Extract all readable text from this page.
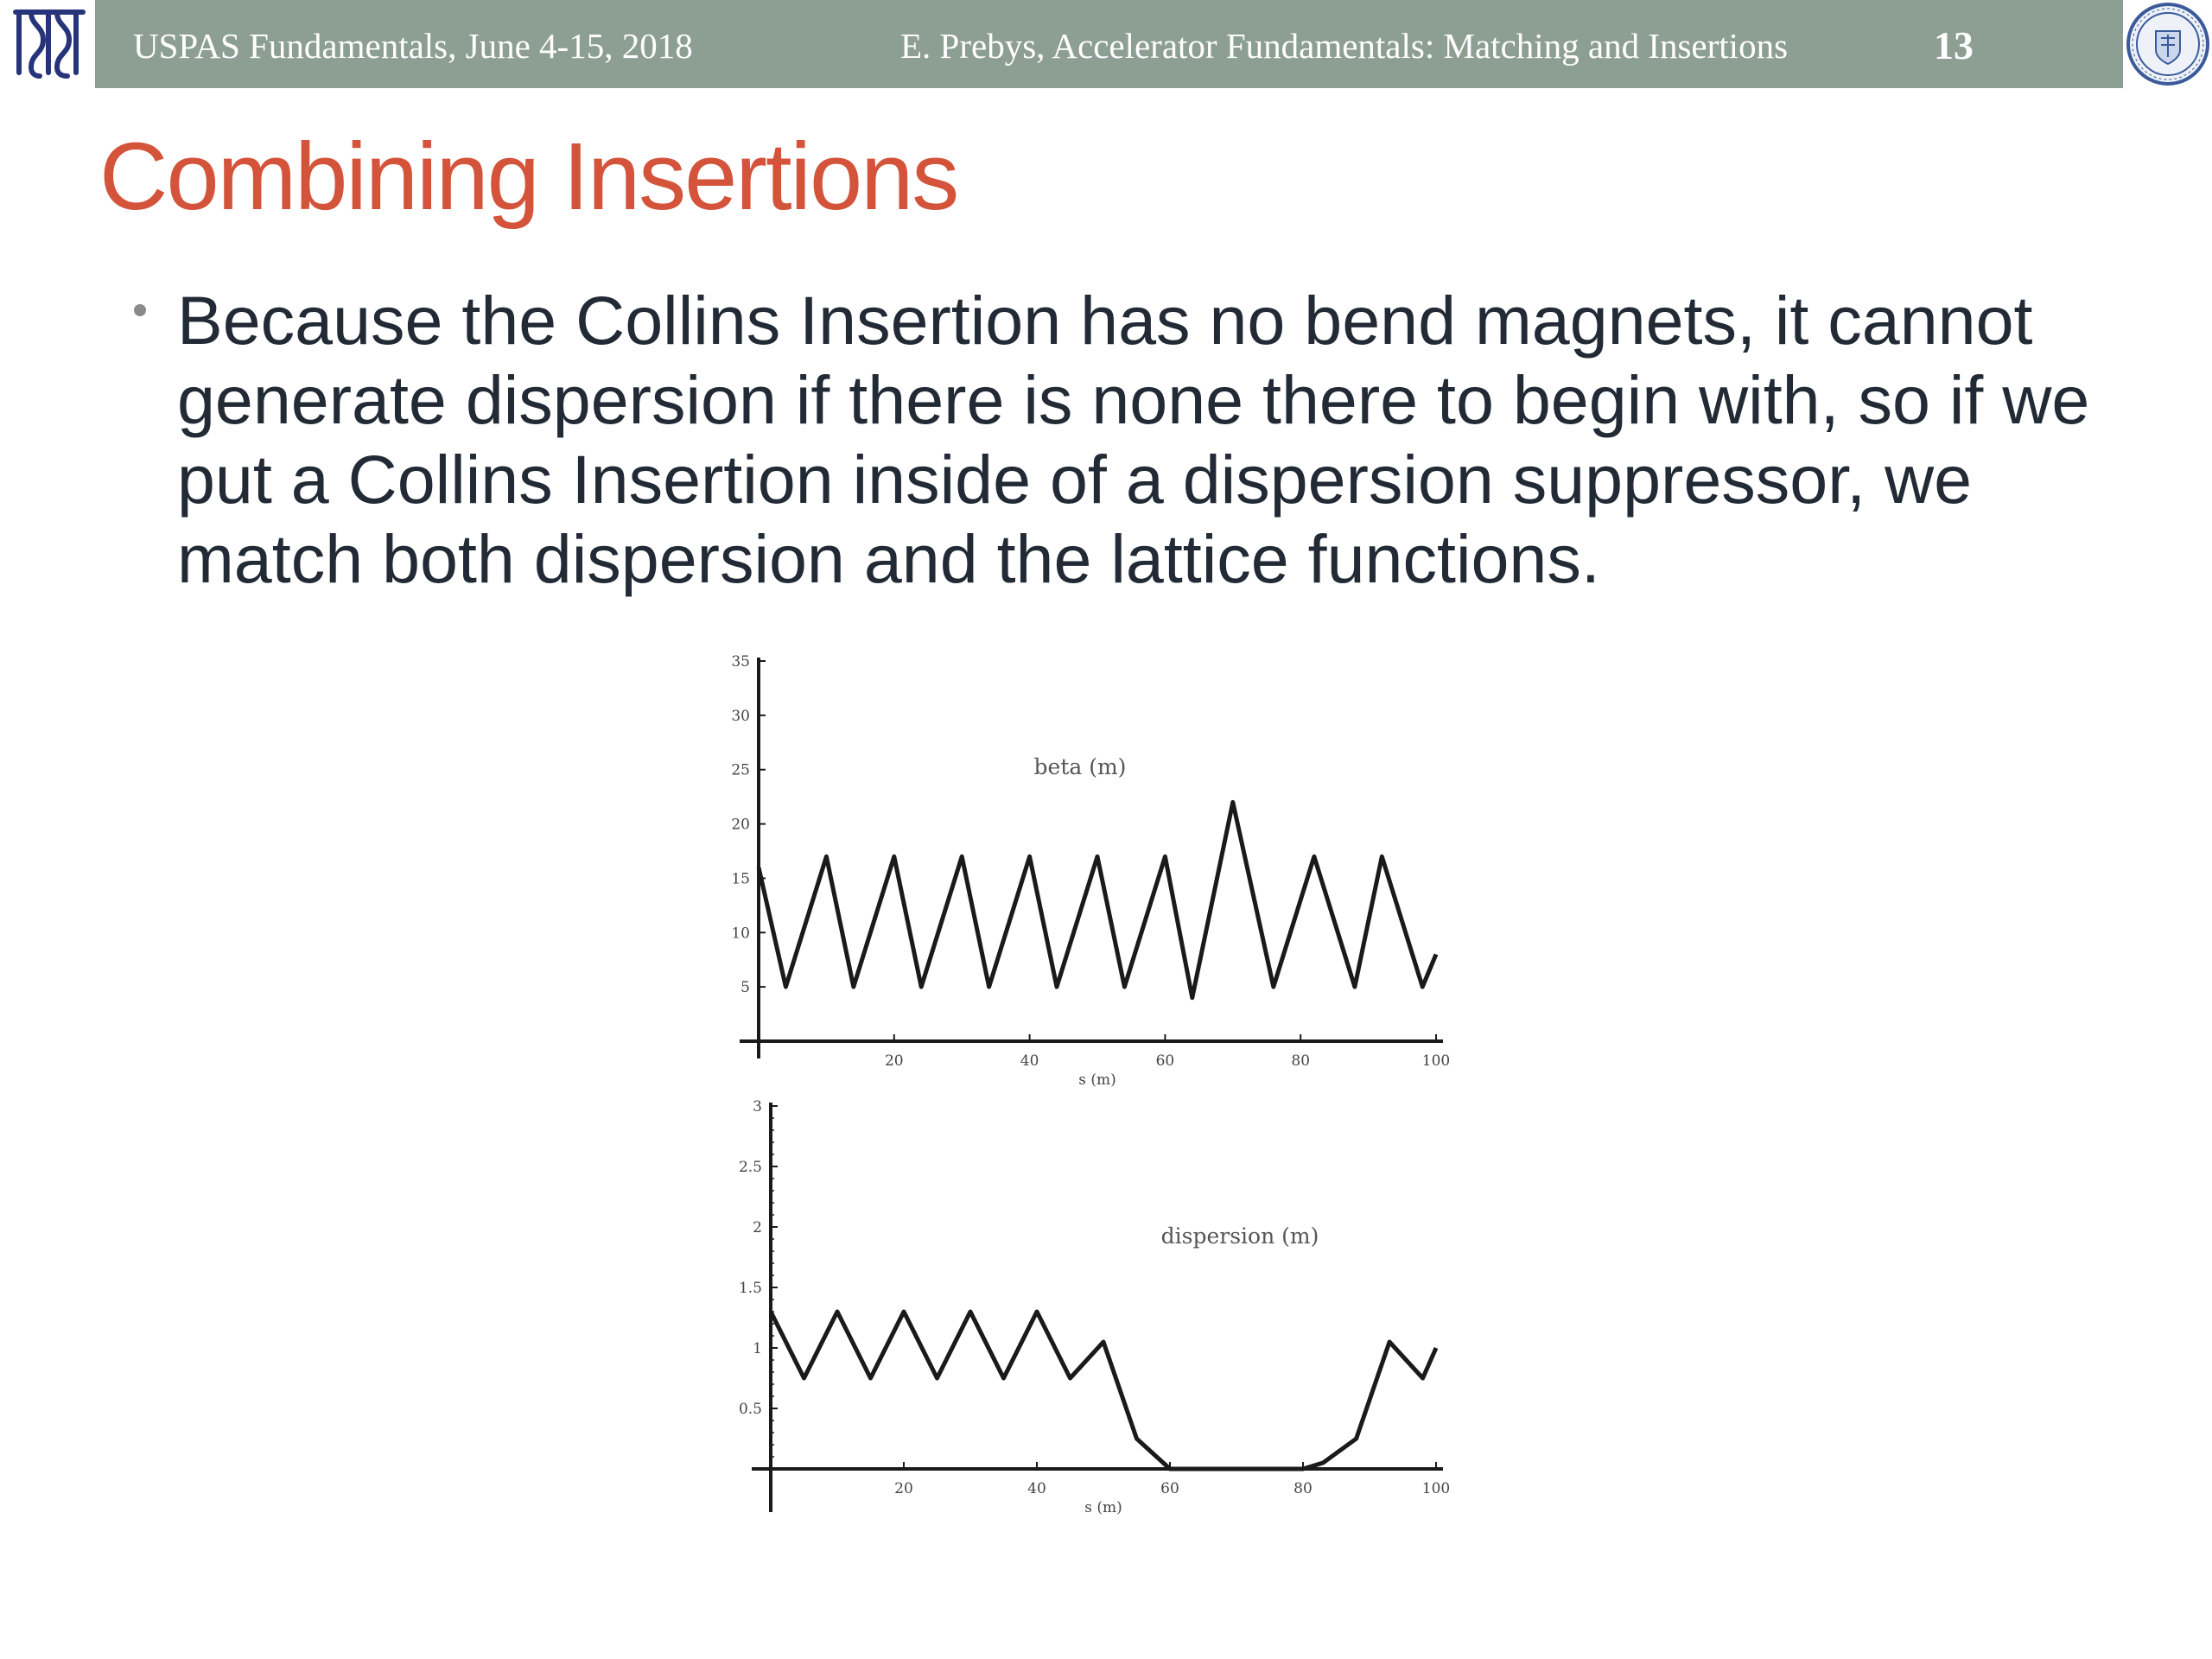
USPAS Fundamentals, June 4-15, 2018	E. Prebys, Accelerator Fundamentals: Matching and Insertions	13
Combining Insertions

Because the Collins Insertion has no bend magnets, it cannot generate dispersion if there is none there to begin with, so if we put a Collins Insertion inside of a dispersion suppressor, we match both dispersion and the lattice functions.

5
10
15
20
25
30
35
20	40	60	80	100
s (m)
beta (m)
0.5
1
1.5
2
2.5
3
20	40	60	80	100
s (m)
dispersion (m)
